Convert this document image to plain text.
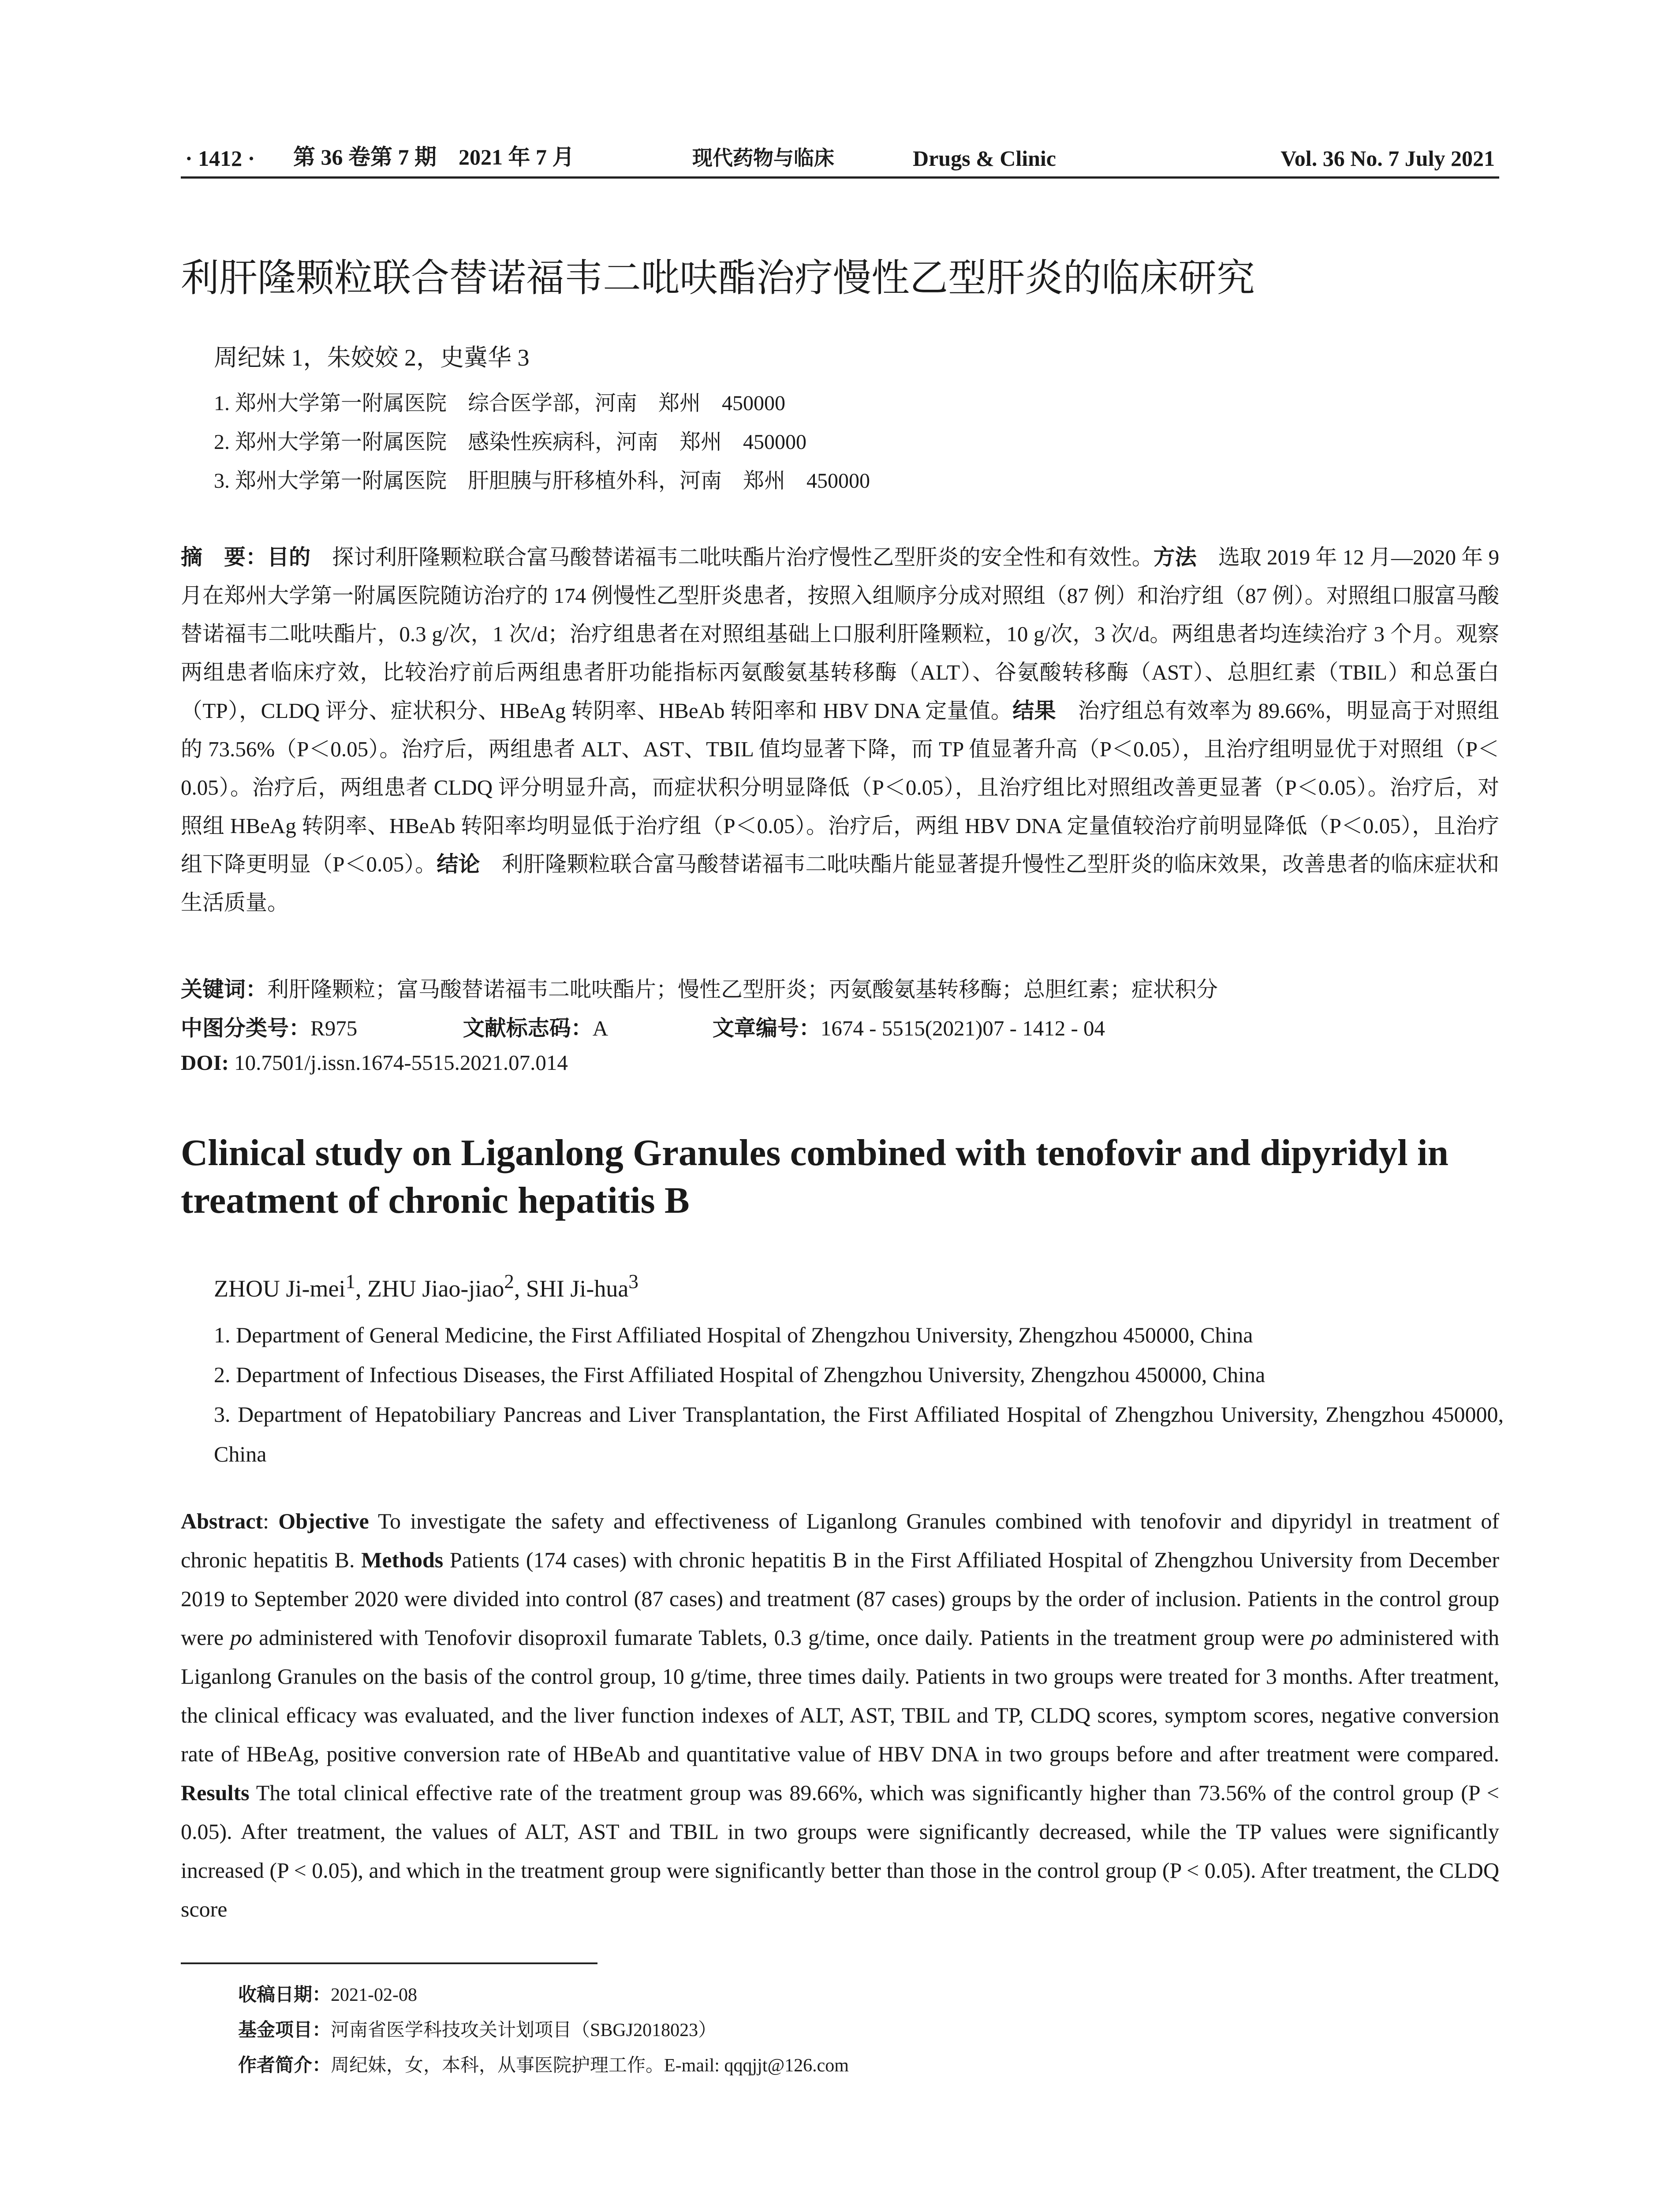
· 1412 · 第 36 卷第 7 期　2021 年 7 月	现代药物与临床	Drugs & Clinic	Vol. 36 No. 7 July 2021
利肝隆颗粒联合替诺福韦二吡呋酯治疗慢性乙型肝炎的临床研究
周纪妹 1，朱姣姣 2，史冀华 3
1. 郑州大学第一附属医院　综合医学部，河南　郑州　450000
2. 郑州大学第一附属医院　感染性疾病科，河南　郑州　450000
3. 郑州大学第一附属医院　肝胆胰与肝移植外科，河南　郑州　450000
摘　要：目的　探讨利肝隆颗粒联合富马酸替诺福韦二吡呋酯片治疗慢性乙型肝炎的安全性和有效性。方法　选取 2019 年 12 月—2020 年 9 月在郑州大学第一附属医院随访治疗的 174 例慢性乙型肝炎患者，按照入组顺序分成对照组（87 例）和治疗组（87 例）。对照组口服富马酸替诺福韦二吡呋酯片，0.3 g/次，1 次/d；治疗组患者在对照组基础上口服利肝隆颗粒，10 g/次，3 次/d。两组患者均连续治疗 3 个月。观察两组患者临床疗效，比较治疗前后两组患者肝功能指标丙氨酸氨基转移酶（ALT）、谷氨酸转移酶（AST）、总胆红素（TBIL）和总蛋白（TP），CLDQ 评分、症状积分、HBeAg 转阴率、HBeAb 转阳率和 HBV DNA 定量值。结果　治疗组总有效率为 89.66%，明显高于对照组的 73.56%（P＜0.05）。治疗后，两组患者 ALT、AST、TBIL 值均显著下降，而 TP 值显著升高（P＜0.05），且治疗组明显优于对照组（P＜0.05）。治疗后，两组患者 CLDQ 评分明显升高，而症状积分明显降低（P＜0.05），且治疗组比对照组改善更显著（P＜0.05）。治疗后，对照组 HBeAg 转阴率、HBeAb 转阳率均明显低于治疗组（P＜0.05）。治疗后，两组 HBV DNA 定量值较治疗前明显降低（P＜0.05），且治疗组下降更明显（P＜0.05）。结论　利肝隆颗粒联合富马酸替诺福韦二吡呋酯片能显著提升慢性乙型肝炎的临床效果，改善患者的临床症状和生活质量。
关键词：利肝隆颗粒；富马酸替诺福韦二吡呋酯片；慢性乙型肝炎；丙氨酸氨基转移酶；总胆红素；症状积分
中图分类号：R975	文献标志码：A	文章编号：1674 - 5515(2021)07 - 1412 - 04
DOI: 10.7501/j.issn.1674-5515.2021.07.014
Clinical study on Liganlong Granules combined with tenofovir and dipyridyl in treatment of chronic hepatitis B
ZHOU Ji-mei$^1$, ZHU Jiao-jiao$^2$, SHI Ji-hua$^3$
1. Department of General Medicine, the First Affiliated Hospital of Zhengzhou University, Zhengzhou 450000, China
2. Department of Infectious Diseases, the First Affiliated Hospital of Zhengzhou University, Zhengzhou 450000, China
3. Department of Hepatobiliary Pancreas and Liver Transplantation, the First Affiliated Hospital of Zhengzhou University, Zhengzhou 450000, China
Abstract: Objective To investigate the safety and effectiveness of Liganlong Granules combined with tenofovir and dipyridyl in treatment of chronic hepatitis B. Methods Patients (174 cases) with chronic hepatitis B in the First Affiliated Hospital of Zhengzhou University from December 2019 to September 2020 were divided into control (87 cases) and treatment (87 cases) groups by the order of inclusion. Patients in the control group were po administered with Tenofovir disoproxil fumarate Tablets, 0.3 g/time, once daily. Patients in the treatment group were po administered with Liganlong Granules on the basis of the control group, 10 g/time, three times daily. Patients in two groups were treated for 3 months. After treatment, the clinical efficacy was evaluated, and the liver function indexes of ALT, AST, TBIL and TP, CLDQ scores, symptom scores, negative conversion rate of HBeAg, positive conversion rate of HBeAb and quantitative value of HBV DNA in two groups before and after treatment were compared. Results The total clinical effective rate of the treatment group was 89.66%, which was significantly higher than 73.56% of the control group (P < 0.05). After treatment, the values of ALT, AST and TBIL in two groups were significantly decreased, while the TP values were significantly increased (P < 0.05), and which in the treatment group were significantly better than those in the control group (P < 0.05). After treatment, the CLDQ score
收稿日期：2021-02-08
基金项目：河南省医学科技攻关计划项目（SBGJ2018023）
作者简介：周纪妹，女，本科，从事医院护理工作。E-mail: qqqjjt@126.com
